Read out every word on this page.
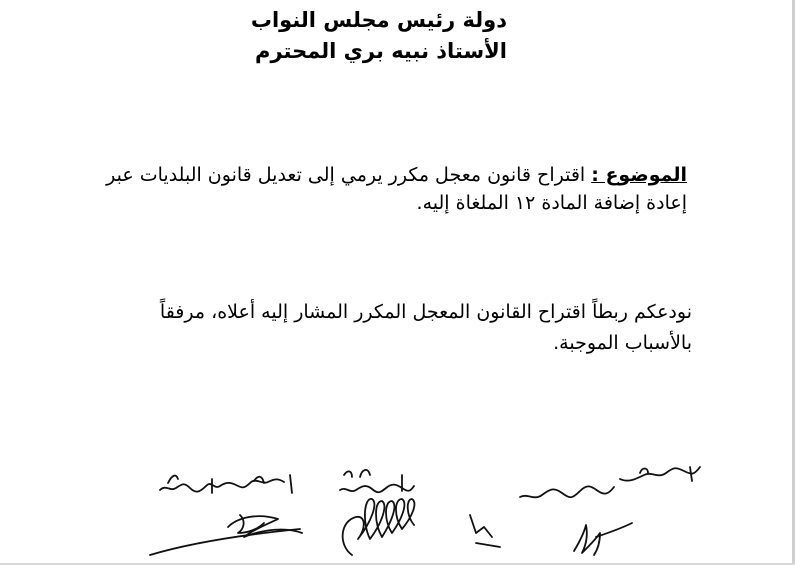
دولة رئيس مجلس النواب
الأستاذ نبيه بري المحترم
الموضوع : اقتراح قانون معجل مكرر يرمي إلى تعديل قانون البلديات عبر
إعادة إضافة المادة ١٢ الملغاة إليه.
نودعكم ربطاً اقتراح القانون المعجل المكرر المشار إليه أعلاه، مرفقاً
بالأسباب الموجبة.
